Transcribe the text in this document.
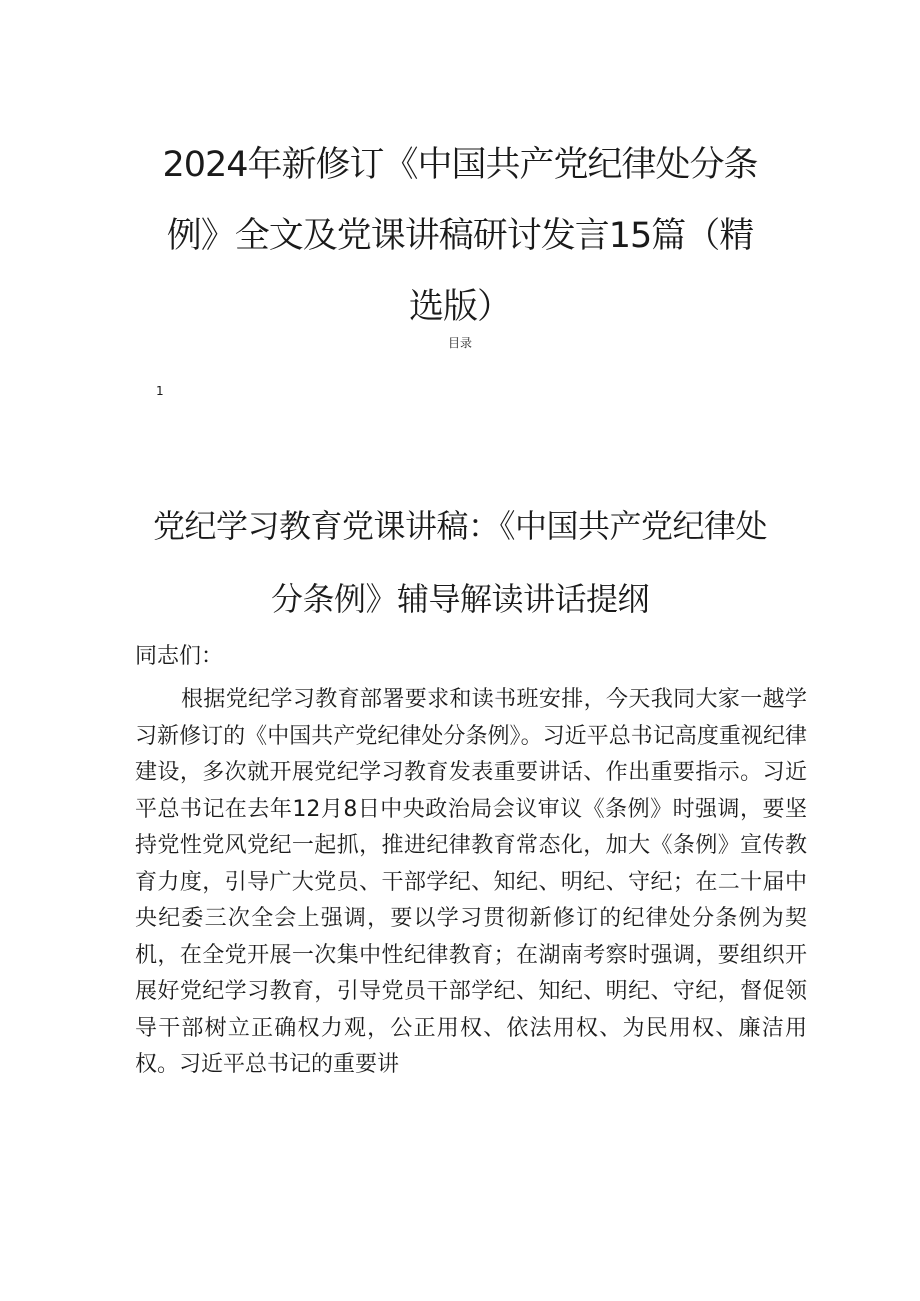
2024年新修订《中国共产党纪律处分条例》全文及党课讲稿研讨发言15篇（精选版）
目录
1
党纪学习教育党课讲稿：《中国共产党纪律处分条例》辅导解读讲话提纲
同志们：

根据党纪学习教育部署要求和读书班安排，今天我同大家一越学习新修订的《中国共产党纪律处分条例》。习近平总书记高度重视纪律建设，多次就开展党纪学习教育发表重要讲话、作出重要指示。习近平总书记在去年12月8日中央政治局会议审议《条例》时强调，要坚持党性党风党纪一起抓，推进纪律教育常态化，加大《条例》宣传教育力度，引导广大党员、干部学纪、知纪、明纪、守纪；在二十届中央纪委三次全会上强调，要以学习贯彻新修订的纪律处分条例为契机，在全党开展一次集中性纪律教育；在湖南考察时强调，要组织开展好党纪学习教育，引导党员干部学纪、知纪、明纪、守纪，督促领导干部树立正确权力观，公正用权、依法用权、为民用权、廉洁用权。习近平总书记的重要讲
